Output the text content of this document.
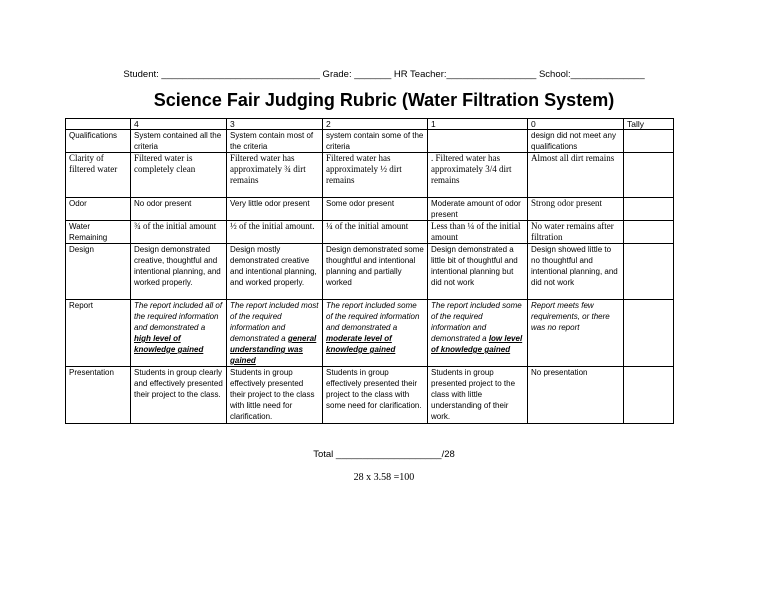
Student: ______________________________ Grade: _______ HR Teacher:_________________ School:______________
Science Fair Judging Rubric (Water Filtration System)
	4	3	2	1	0	Tally
Qualifications	System contained all the criteria	System contain most of the criteria	system contain some of the criteria		design did not meet any qualifications	
Clarity of filtered water	Filtered water is completely clean	Filtered water has approximately ¾ dirt remains	Filtered water has approximately ½ dirt remains	. Filtered water has approximately 3/4 dirt remains	Almost all dirt remains	
Odor	No odor present	Very little odor present	Some odor present	Moderate amount of odor present	Strong odor present	
Water Remaining	¾ of the initial amount	½ of the initial amount.	¼ of the initial amount	Less than ¼ of the initial amount	No water remains after filtration	
Design	Design demonstrated creative, thoughtful and intentional planning, and worked properly.	Design mostly demonstrated creative and intentional planning, and worked properly.	Design demonstrated some thoughtful and intentional planning and partially worked	Design demonstrated a little bit of thoughtful and intentional planning but did not work	Design showed little to no thoughtful and intentional planning, and did not work	
Report	The report included all of the required information and demonstrated a high level of knowledge gained	The report included most of the required information and demonstrated a general understanding was gained	The report included some of the required information and demonstrated a moderate level of knowledge gained	The report included some of the required information and demonstrated a low level of knowledge gained	Report meets few requirements, or there was no report	
Presentation	Students in group clearly and effectively presented their project to the class.	Students in group effectively presented their project to the class with little need for clarification.	Students in group effectively presented their project to the class with some need for clarification.	Students in group presented project to the class with little understanding of their work.	No presentation	
Total ____________________/28
28 x 3.58 =100
